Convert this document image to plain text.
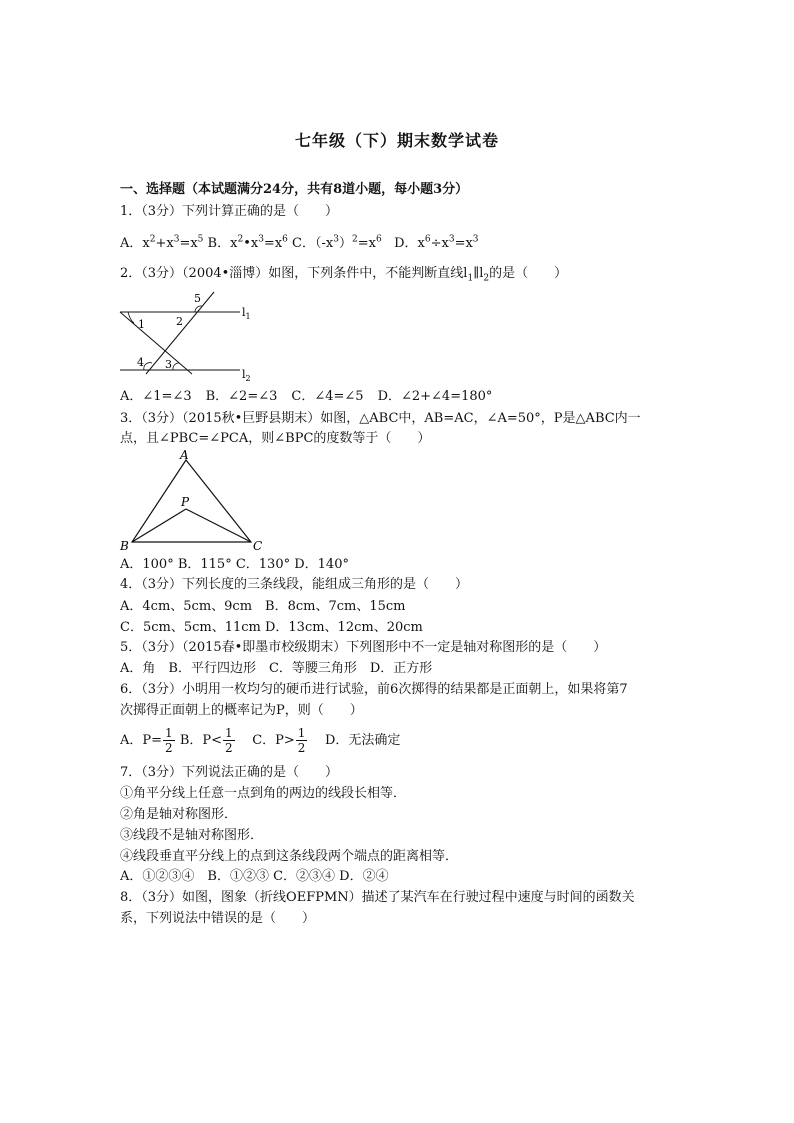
七年级（下）期末数学试卷
一、选择题（本试题满分24分，共有8道小题，每小题3分）
1．（3分）下列计算正确的是（　　）
A．$x^2+x^3=x^5$ B．$x^2•x^3=x^6$ C．$(-x^3)^2=x^6$ D．$x^6\div x^3=x^3$
2．（3分）（2004•淄博）如图，下列条件中，不能判断直线$l_1\parallel l_2$的是（　　）
1	2
3
4
5
$l_1$
$l_2$
A．∠1=∠3 B．∠2=∠3 C．∠4=∠5 D．∠2+∠4=180°
3．（3分）（2015秋•巨野县期末）如图，△ABC中，AB=AC，∠A=50°，P是△ABC内一
点，且∠PBC=∠PCA，则∠BPC的度数等于（　　）
A
B	C
P
A．100° B．115° C．130° D．140°
4．（3分）下列长度的三条线段，能组成三角形的是（　　）
A．4cm、5cm、9cm　B．8cm、7cm、15cm
C．5cm、5cm、11cm D．13cm、12cm、20cm
5．（3分）（2015春•即墨市校级期末）下列图形中不一定是轴对称图形的是（　　）
A．角　B．平行四边形　C．等腰三角形　D．正方形
6．（3分）小明用一枚均匀的硬币进行试验，前6次掷得的结果都是正面朝上，如果将第7
次掷得正面朝上的概率记为P，则（　　）
A．$P= \frac{1}{2}$ B．$P< \frac{1}{2}$ C．$P> \frac{1}{2}$ D．无法确定
7．（3分）下列说法正确的是（　　）
①角平分线上任意一点到角的两边的线段长相等．
②角是轴对称图形．
③线段不是轴对称图形．
④线段垂直平分线上的点到这条线段两个端点的距离相等．
A．①②③④　B．①②③ C．②③④ D．②④
8．（3分）如图，图象（折线OEFPMN）描述了某汽车在行驶过程中速度与时间的函数关
系，下列说法中错误的是（　　）
